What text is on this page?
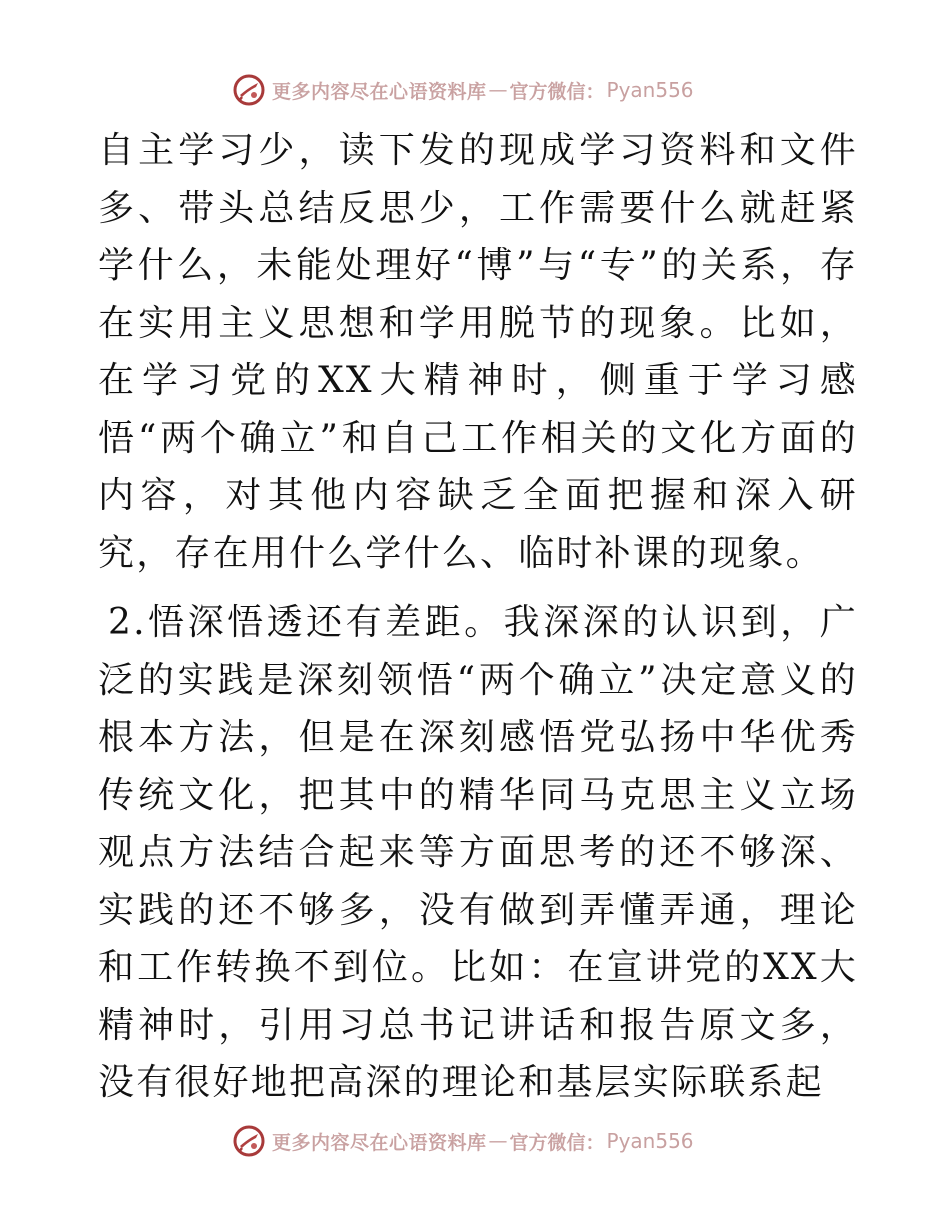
更多内容尽在心语资料库 — 官方微信： Pyan556

自主学习少，读下发的现成学习资料和文件多、带头总结反思少，工作需要什么就赶紧学什么，未能处理好“博”与“专”的关系，存在实用主义思想和学用脱节的现象。比如，在学习党的XX大精神时，侧重于学习感悟“两个确立”和自己工作相关的文化方面的内容，对其他内容缺乏全面把握和深入研究，存在用什么学什么、临时补课的现象。

2.悟深悟透还有差距。我深深的认识到，广泛的实践是深刻领悟“两个确立”决定意义的根本方法，但是在深刻感悟党弘扬中华优秀传统文化，把其中的精华同马克思主义立场观点方法结合起来等方面思考的还不够深、实践的还不够多，没有做到弄懂弄通，理论和工作转换不到位。比如：在宣讲党的XX大精神时，引用习总书记讲话和报告原文多，没有很好地把高深的理论和基层实际联系起

更多内容尽在心语资料库 — 官方微信： Pyan556
